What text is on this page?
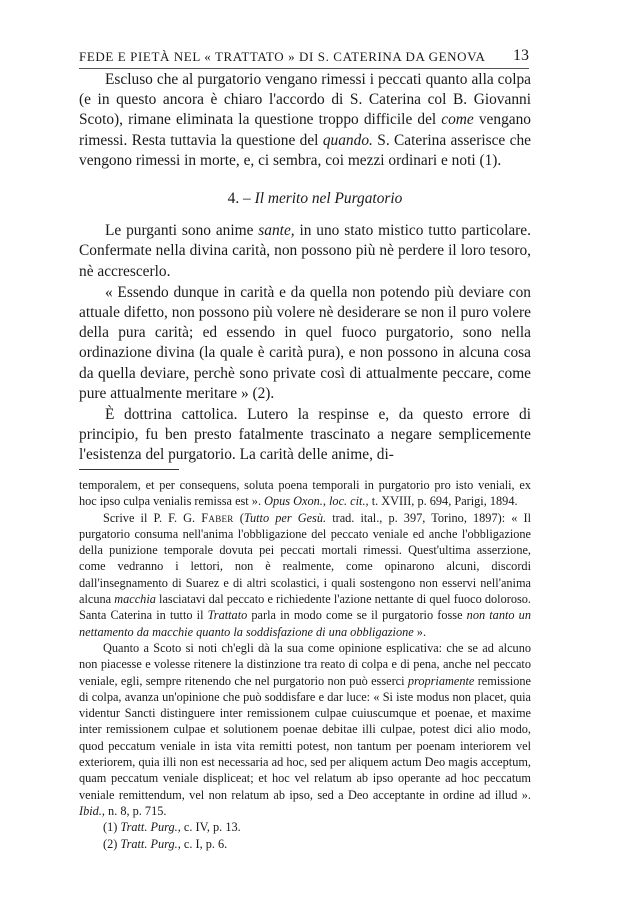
FEDE E PIETÀ NEL « TRATTATO » DI S. CATERINA DA GENOVA 13

Escluso che al purgatorio vengano rimessi i peccati quanto alla colpa (e in questo ancora è chiaro l'accordo di S. Caterina col B. Giovanni Scoto), rimane eliminata la questione troppo difficile del come vengano rimessi. Resta tuttavia la questione del quando. S. Caterina asserisce che vengono rimessi in morte, e, ci sembra, coi mezzi ordinari e noti (1).

4. – Il merito nel Purgatorio

Le purganti sono anime sante, in uno stato mistico tutto particolare. Confermate nella divina carità, non possono più nè perdere il loro tesoro, nè accrescerlo.

« Essendo dunque in carità e da quella non potendo più deviare con attuale difetto, non possono più volere nè desiderare se non il puro volere della pura carità; ed essendo in quel fuoco purgatorio, sono nella ordinazione divina (la quale è carità pura), e non possono in alcuna cosa da quella deviare, perchè sono private così di attualmente peccare, come pure attualmente meritare » (2).

È dottrina cattolica. Lutero la respinse e, da questo errore di principio, fu ben presto fatalmente trascinato a negare semplicemente l'esistenza del purgatorio. La carità delle anime, di-

temporalem, et per consequens, soluta poena temporali in purgatorio pro isto veniali, ex hoc ipso culpa venialis remissa est ». Opus Oxon., loc. cit., t. XVIII, p. 694, Parigi, 1894.

Scrive il P. F. G. Faber (Tutto per Gesù. trad. ital., p. 397, Torino, 1897): « Il purgatorio consuma nell'anima l'obbligazione del peccato veniale ed anche l'obbligazione della punizione temporale dovuta pei peccati mortali rimessi. Quest'ultima asserzione, come vedranno i lettori, non è realmente, come opinarono alcuni, discordi dall'insegnamento di Suarez e di altri scolastici, i quali sostengono non esservi nell'anima alcuna macchia lasciatavi dal peccato e richiedente l'azione nettante di quel fuoco doloroso. Santa Caterina in tutto il Trattato parla in modo come se il purgatorio fosse non tanto un nettamento da macchie quanto la soddisfazione di una obbligazione ».

Quanto a Scoto si noti ch'egli dà la sua come opinione esplicativa: che se ad alcuno non piacesse e volesse ritenere la distinzione tra reato di colpa e di pena, anche nel peccato veniale, egli, sempre ritenendo che nel purgatorio non può esserci propriamente remissione di colpa, avanza un'opinione che può soddisfare e dar luce: « Si iste modus non placet, quia videntur Sancti distinguere inter remissionem culpae cuiuscumque et poenae, et maxime inter remissionem culpae et solutionem poenae debitae illi culpae, potest dici alio modo, quod peccatum veniale in ista vita remitti potest, non tantum per poenam interiorem vel exteriorem, quia illi non est necessaria ad hoc, sed per aliquem actum Deo magis acceptum, quam peccatum veniale displiceat; et hoc vel relatum ab ipso operante ad hoc peccatum veniale remittendum, vel non relatum ab ipso, sed a Deo acceptante in ordine ad illud ». Ibid., n. 8, p. 715.

(1) Tratt. Purg., c. IV, p. 13.

(2) Tratt. Purg., c. I, p. 6.
